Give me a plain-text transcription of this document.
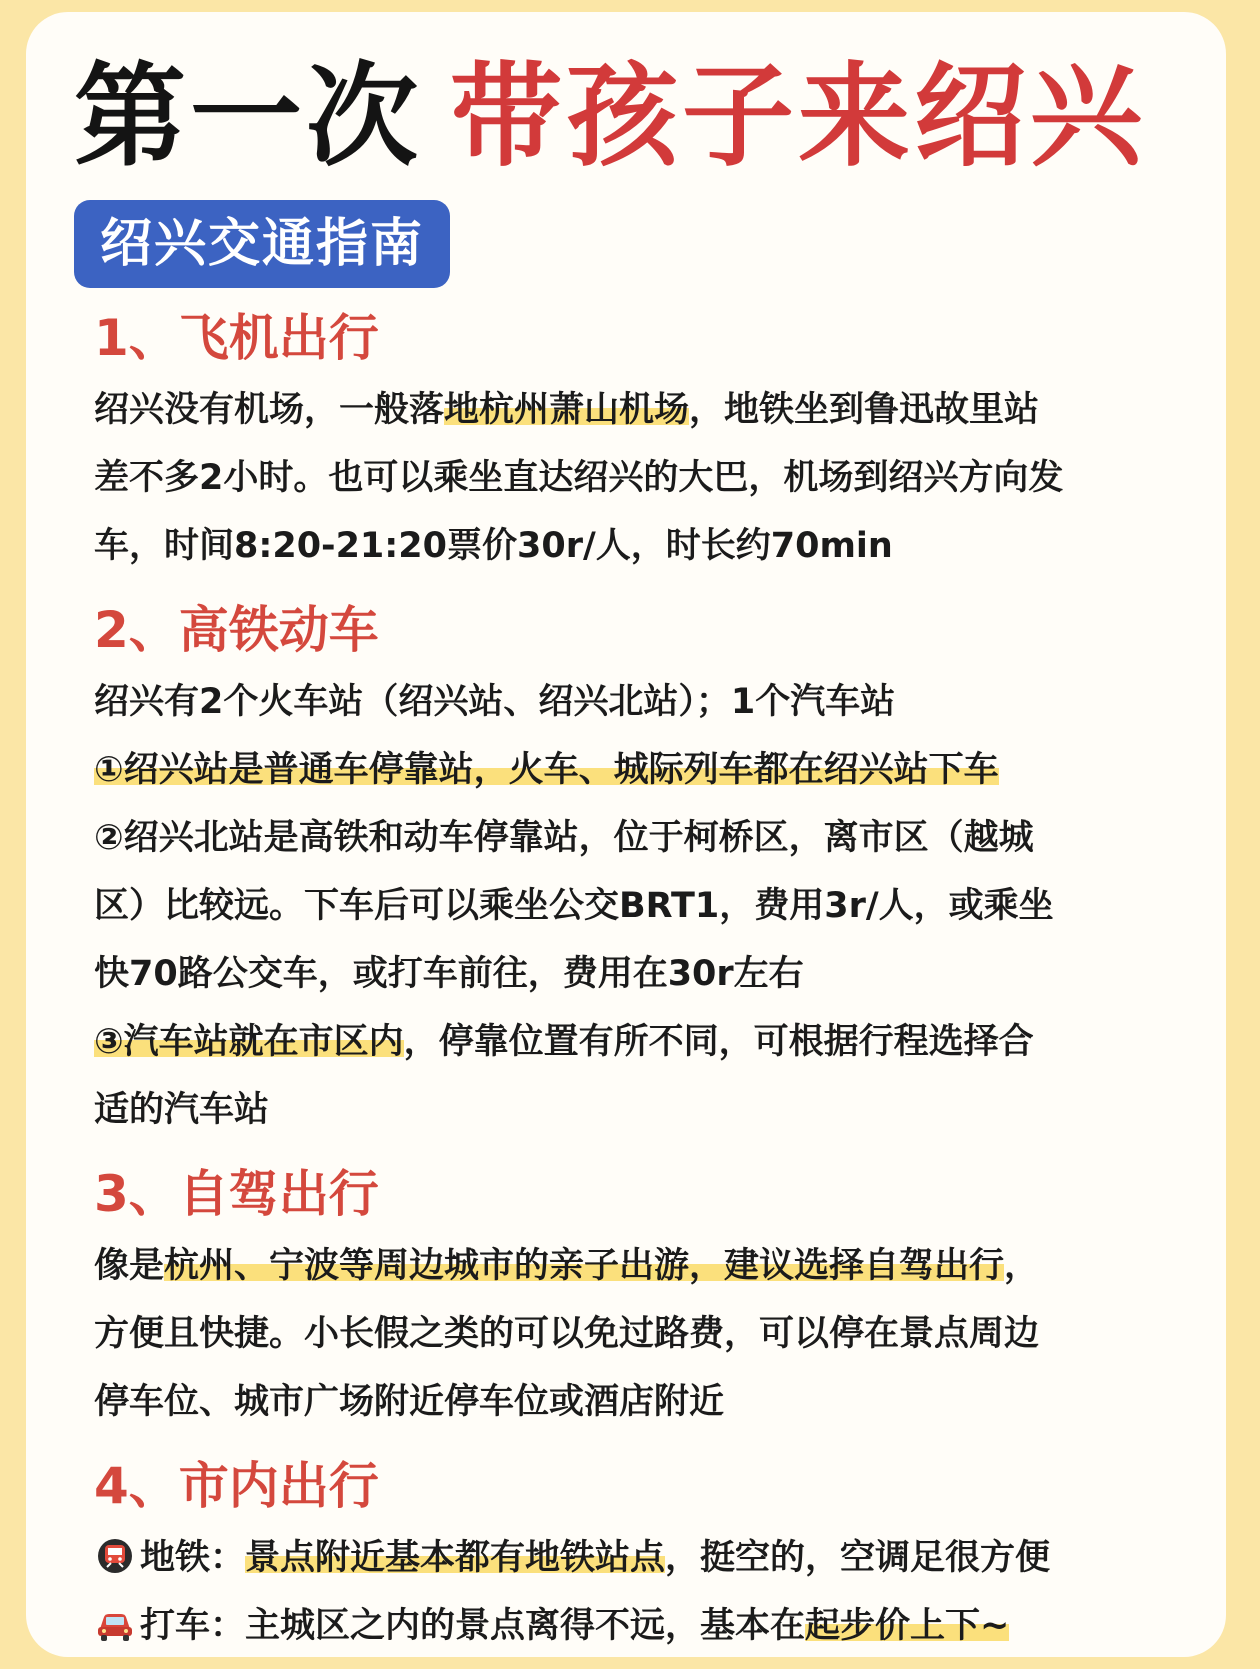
第一次 带孩子来绍兴
绍兴交通指南
1、飞机出行
绍兴没有机场，一般落地杭州萧山机场，地铁坐到鲁迅故里站
差不多2小时。也可以乘坐直达绍兴的大巴，机场到绍兴方向发
车，时间8:20-21:20票价30r/人，时长约70min
2、高铁动车
绍兴有2个火车站（绍兴站、绍兴北站）；1个汽车站
①绍兴站是普通车停靠站，火车、城际列车都在绍兴站下车
②绍兴北站是高铁和动车停靠站，位于柯桥区，离市区（越城
区）比较远。下车后可以乘坐公交BRT1，费用3r/人，或乘坐
快70路公交车，或打车前往，费用在30r左右
③汽车站就在市区内，停靠位置有所不同，可根据行程选择合
适的汽车站
3、自驾出行
像是杭州、宁波等周边城市的亲子出游，建议选择自驾出行，
方便且快捷。小长假之类的可以免过路费，可以停在景点周边
停车位、城市广场附近停车位或酒店附近
4、市内出行
地铁：景点附近基本都有地铁站点，挺空的，空调足很方便
打车：主城区之内的景点离得不远，基本在起步价上下~
